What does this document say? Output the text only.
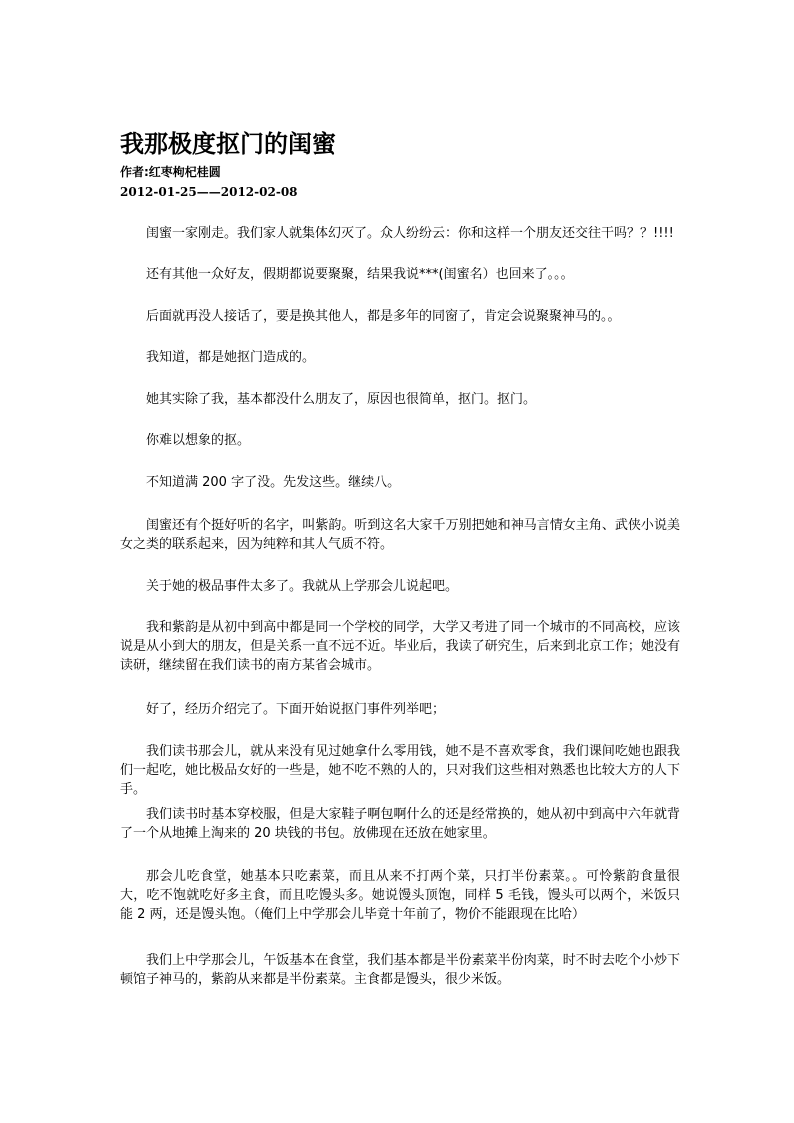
我那极度抠门的闺蜜
作者:红枣枸杞桂圆
2012-01-25——2012-02-08

闺蜜一家刚走。我们家人就集体幻灭了。众人纷纷云：你和这样一个朋友还交往干吗？？!!!!

还有其他一众好友，假期都说要聚聚，结果我说***(闺蜜名）也回来了。。。

后面就再没人接话了，要是换其他人，都是多年的同窗了，肯定会说聚聚神马的。。

我知道，都是她抠门造成的。

她其实除了我，基本都没什么朋友了，原因也很简单，抠门。抠门。

你难以想象的抠。

不知道满 200 字了没。先发这些。继续八。

闺蜜还有个挺好听的名字，叫紫韵。听到这名大家千万别把她和神马言情女主角、武侠小说美女之类的联系起来，因为纯粹和其人气质不符。

关于她的极品事件太多了。我就从上学那会儿说起吧。

我和紫韵是从初中到高中都是同一个学校的同学，大学又考进了同一个城市的不同高校，应该说是从小到大的朋友，但是关系一直不远不近。毕业后，我读了研究生，后来到北京工作；她没有读研，继续留在我们读书的南方某省会城市。

好了，经历介绍完了。下面开始说抠门事件列举吧；

我们读书那会儿，就从来没有见过她拿什么零用钱，她不是不喜欢零食，我们课间吃她也跟我们一起吃，她比极品女好的一些是，她不吃不熟的人的，只对我们这些相对熟悉也比较大方的人下手。

我们读书时基本穿校服，但是大家鞋子啊包啊什么的还是经常换的，她从初中到高中六年就背了一个从地摊上淘来的 20 块钱的书包。放佛现在还放在她家里。

那会儿吃食堂，她基本只吃素菜，而且从来不打两个菜，只打半份素菜。。可怜紫韵食量很大，吃不饱就吃好多主食，而且吃馒头多。她说馒头顶饱，同样 5 毛钱，馒头可以两个，米饭只能 2 两，还是馒头饱。（俺们上中学那会儿毕竟十年前了，物价不能跟现在比哈）

我们上中学那会儿，午饭基本在食堂，我们基本都是半份素菜半份肉菜，时不时去吃个小炒下顿馆子神马的，紫韵从来都是半份素菜。主食都是馒头，很少米饭。
